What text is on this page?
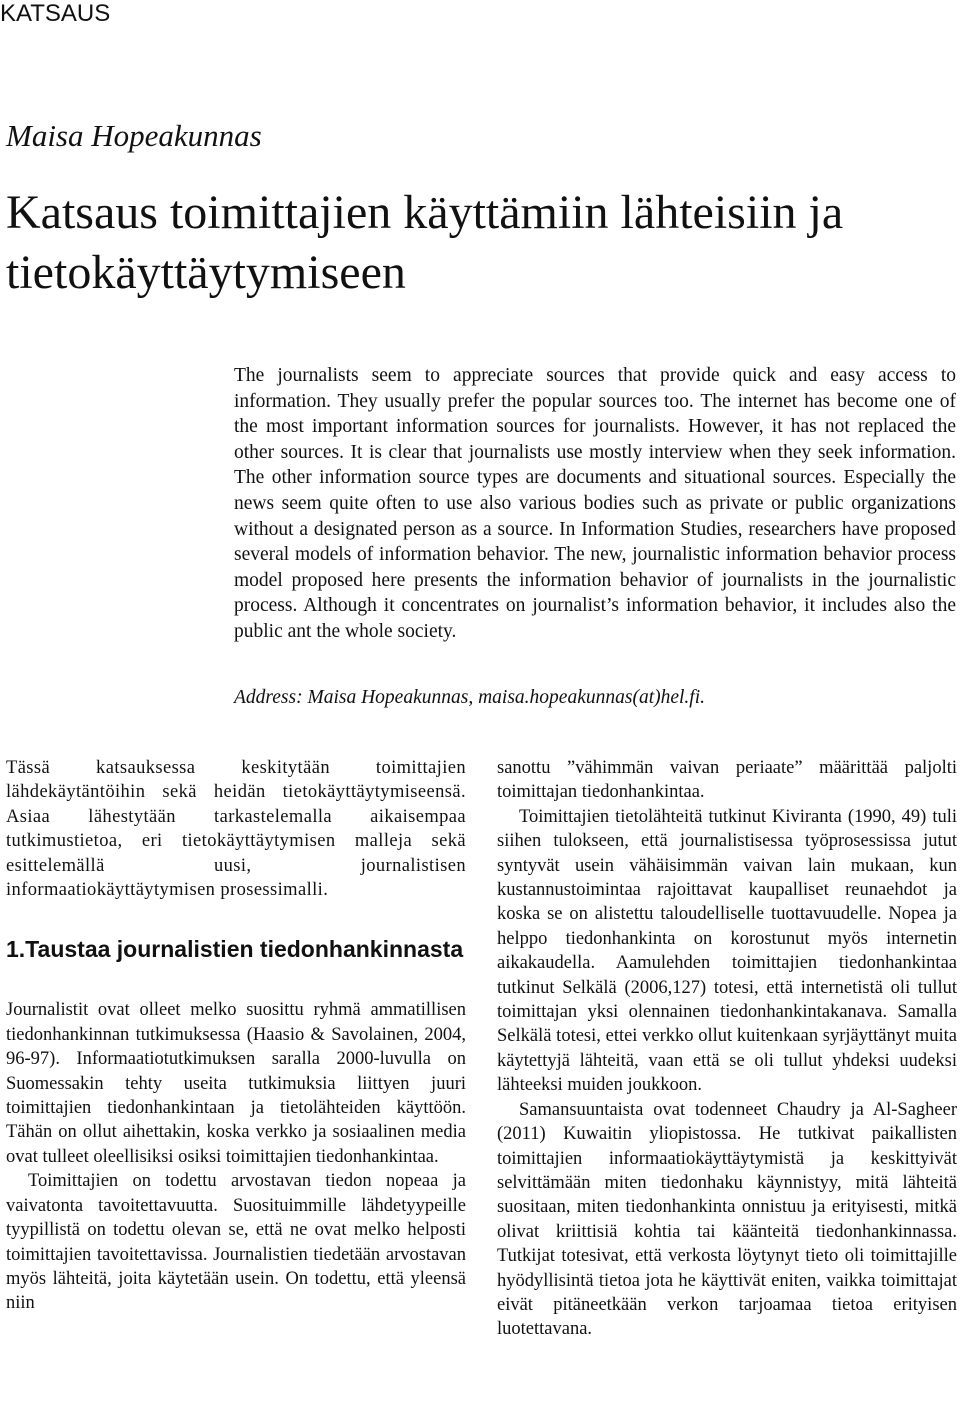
KATSAUS
Maisa Hopeakunnas
Katsaus toimittajien käyttämiin lähteisiin ja tietokäyttäytymiseen

The journalists seem to appreciate sources that provide quick and easy access to information. They usually prefer the popular sources too. The internet has become one of the most important information sources for journalists. However, it has not replaced the other sources. It is clear that journalists use mostly interview when they seek information. The other information source types are documents and situational sources. Especially the news seem quite often to use also various bodies such as private or public organizations without a designated person as a source. In Information Studies, researchers have proposed several models of information behavior. The new, journalistic information behavior process model proposed here presents the information behavior of journalists in the journalistic process. Although it concentrates on journalist’s information behavior, it includes also the public ant the whole society.

Address: Maisa Hopeakunnas, maisa.hopeakunnas(at)hel.fi.

Tässä katsauksessa keskitytään toimittajien lähdekäytäntöihin sekä heidän tietokäyttäytymiseensä. Asiaa lähestytään tarkastelemalla aikaisempaa tutkimustietoa, eri tietokäyttäytymisen malleja sekä esittelemällä uusi, journalistisen informaatiokäyttäytymisen prosessimalli.

1.Taustaa journalistien tiedonhankinnasta

Journalistit ovat olleet melko suosittu ryhmä ammatillisen tiedonhankinnan tutkimuksessa (Haasio & Savolainen, 2004, 96-97). Informaatiotutkimuksen saralla 2000-luvulla on Suomessakin tehty useita tutkimuksia liittyen juuri toimittajien tiedonhankintaan ja tietolähteiden käyttöön. Tähän on ollut aihettakin, koska verkko ja sosiaalinen media ovat tulleet oleellisiksi osiksi toimittajien tiedonhankintaa.

Toimittajien on todettu arvostavan tiedon nopeaa ja vaivatonta tavoitettavuutta. Suosituimmille lähdetyypeille tyypillistä on todettu olevan se, että ne ovat melko helposti toimittajien tavoitettavissa. Journalistien tiedetään arvostavan myös lähteitä, joita käytetään usein. On todettu, että yleensä niin

sanottu ”vähimmän vaivan periaate” määrittää paljolti toimittajan tiedonhankintaa.

Toimittajien tietolähteitä tutkinut Kiviranta (1990, 49) tuli siihen tulokseen, että journalistisessa työprosessissa jutut syntyvät usein vähäisimmän vaivan lain mukaan, kun kustannustoimintaa rajoittavat kaupalliset reunaehdot ja koska se on alistettu taloudelliselle tuottavuudelle. Nopea ja helppo tiedonhankinta on korostunut myös internetin aikakaudella. Aamulehden toimittajien tiedonhankintaa tutkinut Selkälä (2006,127) totesi, että internetistä oli tullut toimittajan yksi olennainen tiedonhankintakanava. Samalla Selkälä totesi, ettei verkko ollut kuitenkaan syrjäyttänyt muita käytettyjä lähteitä, vaan että se oli tullut yhdeksi uudeksi lähteeksi muiden joukkoon.

Samansuuntaista ovat todenneet Chaudry ja Al-Sagheer (2011) Kuwaitin yliopistossa. He tutkivat paikallisten toimittajien informaatiokäyttäytymistä ja keskittyivät selvittämään miten tiedonhaku käynnistyy, mitä lähteitä suositaan, miten tiedonhankinta onnistuu ja erityisesti, mitkä olivat kriittisiä kohtia tai käänteitä tiedonhankinnassa. Tutkijat totesivat, että verkosta löytynyt tieto oli toimittajille hyödyllisintä tietoa jota he käyttivät eniten, vaikka toimittajat eivät pitäneetkään verkon tarjoamaa tietoa erityisen luotettavana.
